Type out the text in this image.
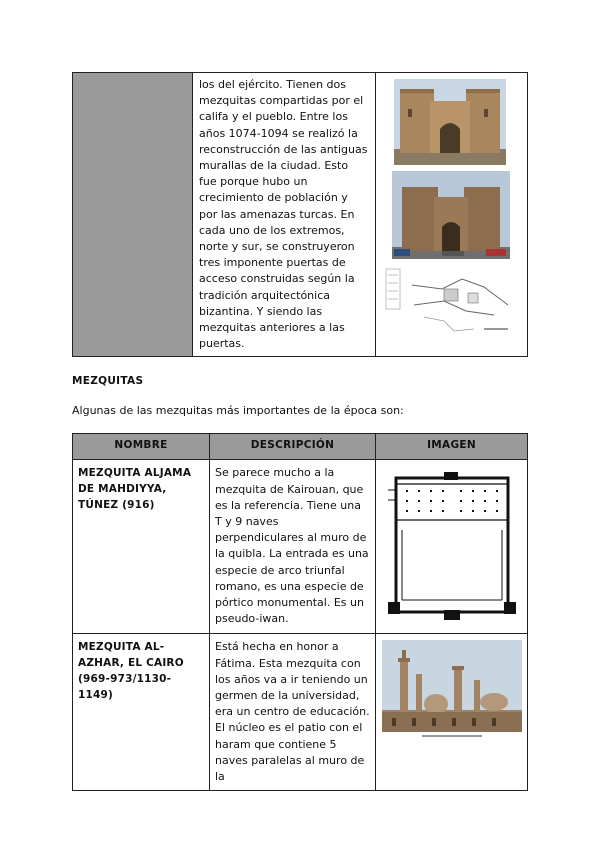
	los del ejército. Tienen dos mezquitas compartidas por el califa y el pueblo. Entre los años 1074-1094 se realizó la reconstrucción de las antiguas murallas de la ciudad. Esto fue porque hubo un crecimiento de población y por las amenazas turcas. En cada uno de los extremos, norte y sur, se construyeron tres imponente puertas de acceso construidas según la tradición arquitectónica bizantina. Y siendo las mezquitas anteriores a las puertas.	
MEZQUITAS
Algunas de las mezquitas más importantes de la época son:
NOMBRE	DESCRIPCIÓN	IMAGEN
MEZQUITA ALJAMA DE MAHDIYYA, TÚNEZ (916)	Se parece mucho a la mezquita de Kairouan, que es la referencia. Tiene una T y 9 naves perpendiculares al muro de la quibla. La entrada es una especie de arco triunfal romano, es una especie de pórtico monumental. Es un pseudo-iwan.	

MEZQUITA AL-AZHAR, EL CAIRO (969-973/1130-1149)	Está hecha en honor a Fátima. Esta mezquita con los años va a ir teniendo un germen de la universidad, era un centro de educación. El núcleo es el patio con el haram que contiene 5 naves paralelas al muro de la	
